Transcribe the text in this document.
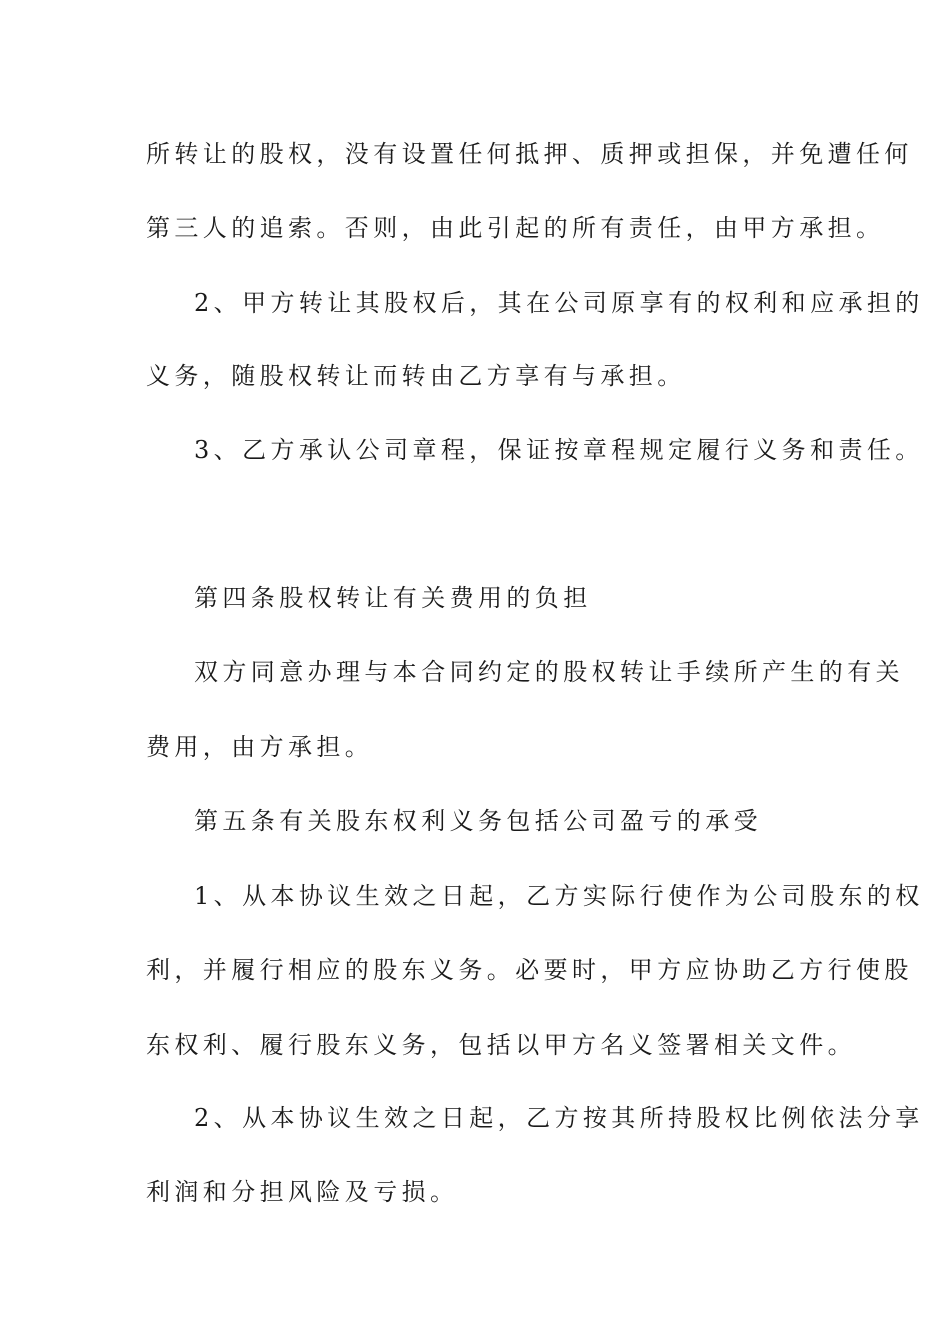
所转让的股权，没有设置任何抵押、质押或担保，并免遭任何
第三人的追索。否则，由此引起的所有责任，由甲方承担。
2、甲方转让其股权后，其在公司原享有的权利和应承担的
义务，随股权转让而转由乙方享有与承担。
3、乙方承认公司章程，保证按章程规定履行义务和责任。
第四条股权转让有关费用的负担
双方同意办理与本合同约定的股权转让手续所产生的有关
费用，由方承担。
第五条有关股东权利义务包括公司盈亏的承受
1、从本协议生效之日起，乙方实际行使作为公司股东的权
利，并履行相应的股东义务。必要时，甲方应协助乙方行使股
东权利、履行股东义务，包括以甲方名义签署相关文件。
2、从本协议生效之日起，乙方按其所持股权比例依法分享
利润和分担风险及亏损。
